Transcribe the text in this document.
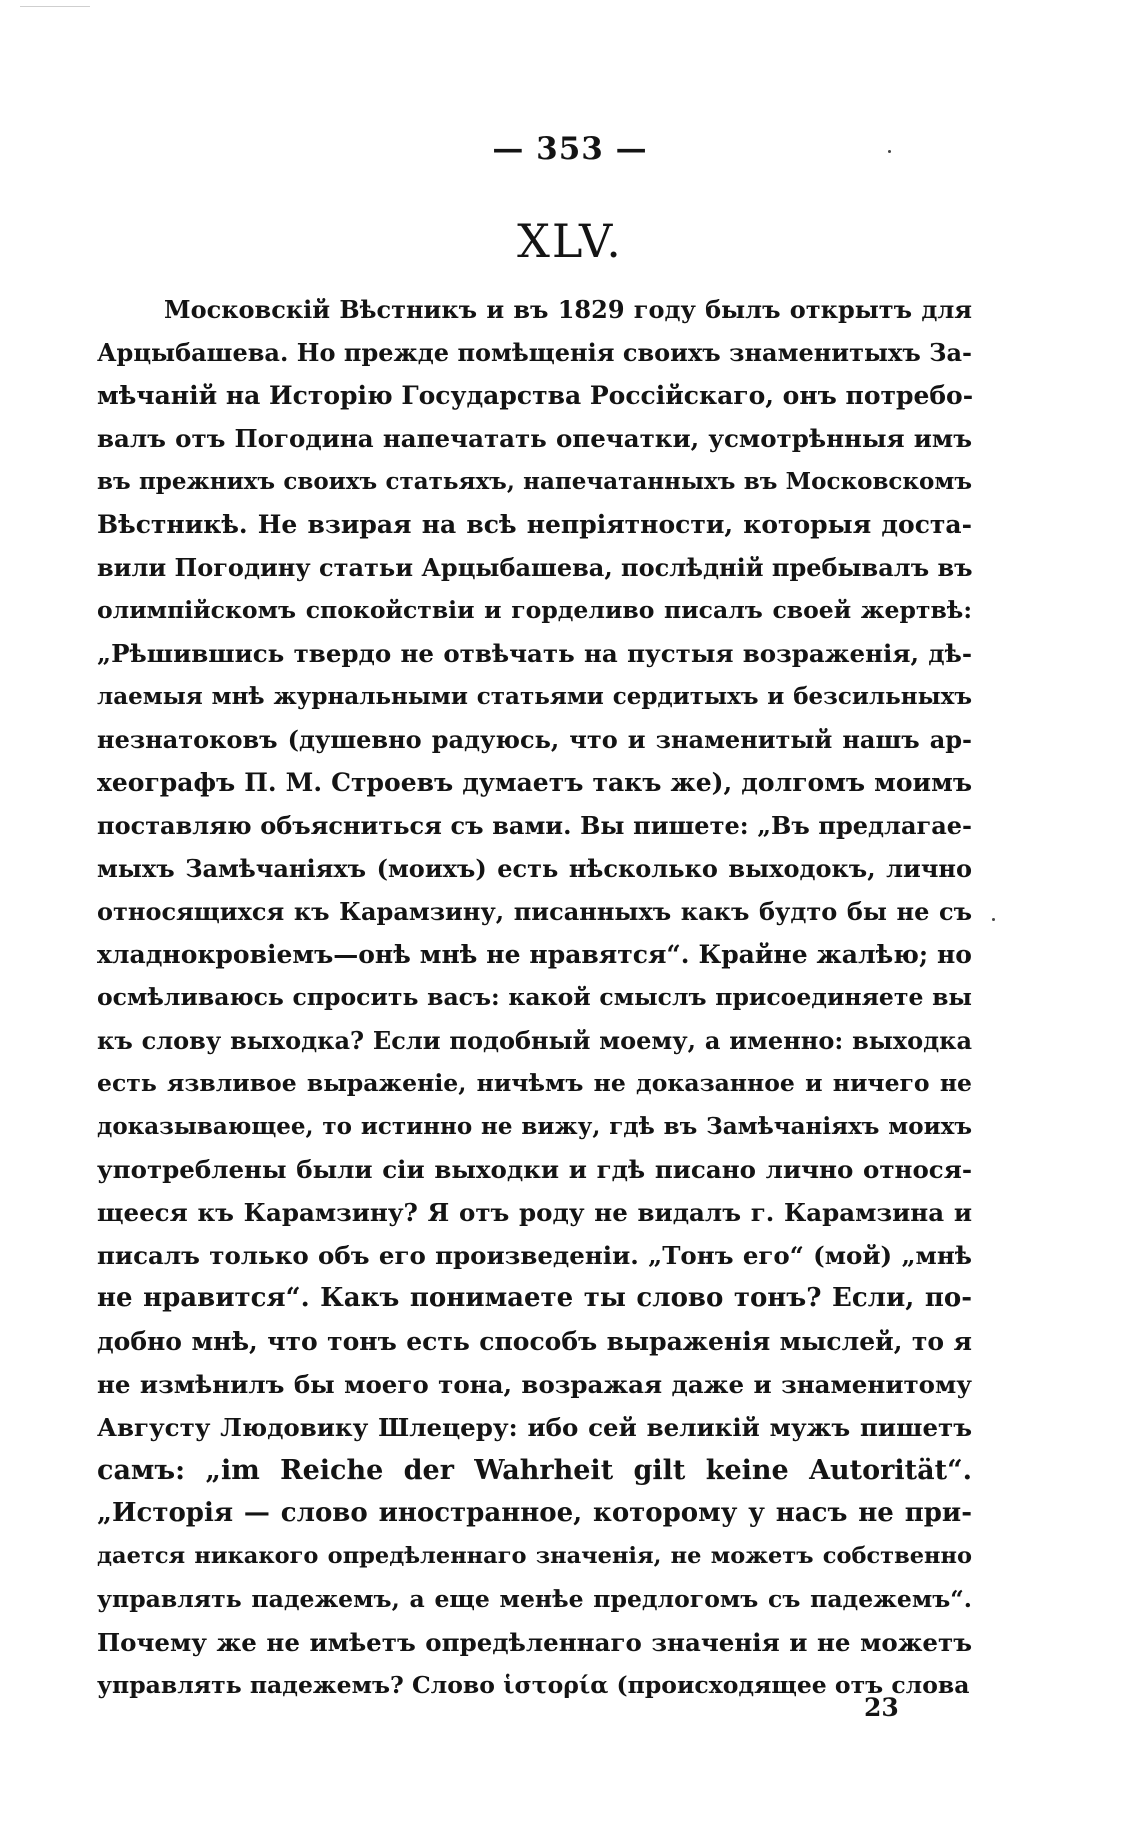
— 353 —
XLV.
Московскій Вѣстникъ и въ 1829 году былъ открытъ для
Арцыбашева. Но прежде помѣщенія своихъ знаменитыхъ За-
мѣчаній на Исторію Государства Россійскаго, онъ потребо-
валъ отъ Погодина напечатать опечатки, усмотрѣнныя имъ
въ прежнихъ своихъ статьяхъ, напечатанныхъ въ Московскомъ
Вѣстникѣ. Не взирая на всѣ непріятности, которыя доста-
вили Погодину статьи Арцыбашева, послѣдній пребывалъ въ
олимпійскомъ спокойствіи и горделиво писалъ своей жертвѣ:
„Рѣшившись твердо не отвѣчать на пустыя возраженія, дѣ-
лаемыя мнѣ журнальными статьями сердитыхъ и безсильныхъ
незнатоковъ (душевно радуюсь, что и знаменитый нашъ ар-
хеографъ П. М. Строевъ думаетъ такъ же), долгомъ моимъ
поставляю объясниться съ вами. Вы пишете: „Въ предлагае-
мыхъ Замѣчаніяхъ (моихъ) есть нѣсколько выходокъ, лично
относящихся къ Карамзину, писанныхъ какъ будто бы не съ
хладнокровіемъ—онѣ мнѣ не нравятся“. Крайне жалѣю; но
осмѣливаюсь спросить васъ: какой смыслъ присоединяете вы
къ слову выходка? Если подобный моему, а именно: выходка
есть язвливое выраженіе, ничѣмъ не доказанное и ничего не
доказывающее, то истинно не вижу, гдѣ въ Замѣчаніяхъ моихъ
употреблены были сіи выходки и гдѣ писано лично относя-
щееся къ Карамзину? Я отъ роду не видалъ г. Карамзина и
писалъ только объ его произведеніи. „Тонъ его“ (мой) „мнѣ
не нравится“. Какъ понимаете ты слово тонъ? Если, по-
добно мнѣ, что тонъ есть способъ выраженія мыслей, то я
не измѣнилъ бы моего тона, возражая даже и знаменитому
Августу Людовику Шлецеру: ибо сей великій мужъ пишетъ
самъ: „im Reiche der Wahrheit gilt keine Autorität“.
„Исторія — слово иностранное, которому у насъ не при-
дается никакого опредѣленнаго значенія, не можетъ собственно
управлять падежемъ, а еще менѣе предлогомъ съ падежемъ“.
Почему же не имѣетъ опредѣленнаго значенія и не можетъ
управлять падежемъ? Слово ἱστορία (происходящее отъ слова
23
